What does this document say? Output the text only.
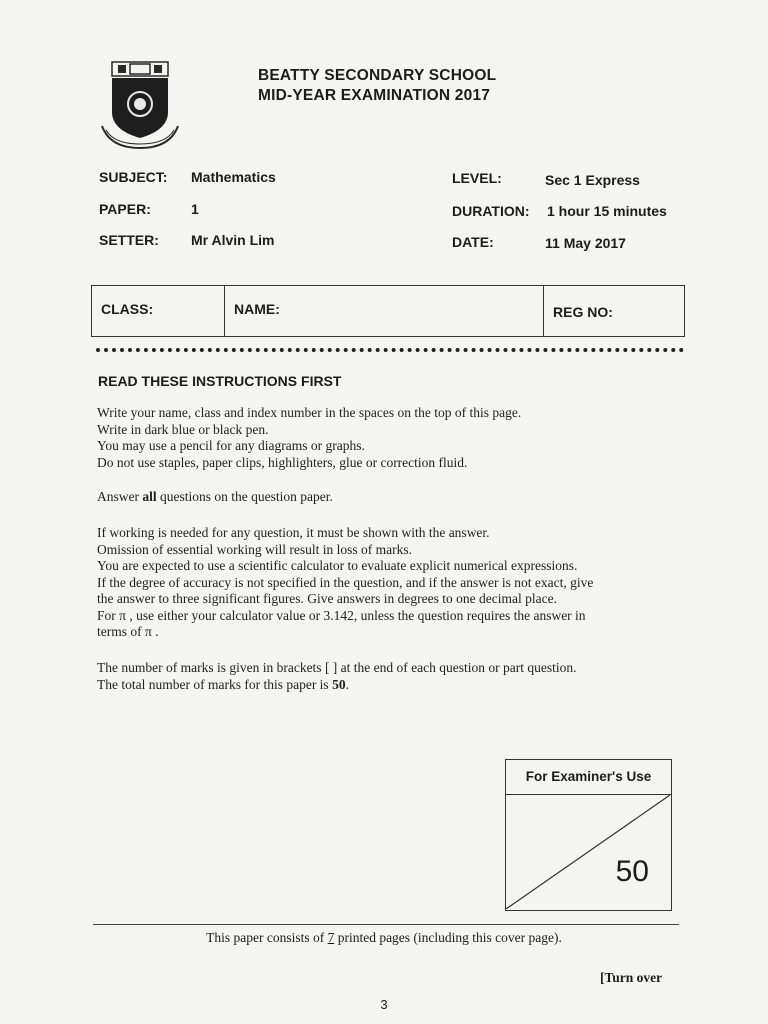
BEATTY SECONDARY SCHOOL
MID-YEAR EXAMINATION 2017
SUBJECT: Mathematics
PAPER:	1
SETTER: Mr Alvin Lim
LEVEL:	Sec 1 Express
DURATION: 1 hour 15 minutes
DATE:	11 May 2017
CLASS:	NAME:	REG NO:
READ THESE INSTRUCTIONS FIRST
Write your name, class and index number in the spaces on the top of this page.
Write in dark blue or black pen.
You may use a pencil for any diagrams or graphs.
Do not use staples, paper clips, highlighters, glue or correction fluid.
Answer all questions on the question paper.
If working is needed for any question, it must be shown with the answer.
Omission of essential working will result in loss of marks.
You are expected to use a scientific calculator to evaluate explicit numerical expressions.
If the degree of accuracy is not specified in the question, and if the answer is not exact, give
the answer to three significant figures. Give answers in degrees to one decimal place.
For π , use either your calculator value or 3.142, unless the question requires the answer in
terms of π .
The number of marks is given in brackets [ ] at the end of each question or part question.
The total number of marks for this paper is 50.
For Examiner's Use
50
This paper consists of 7 printed pages (including this cover page).
[Turn over
3
